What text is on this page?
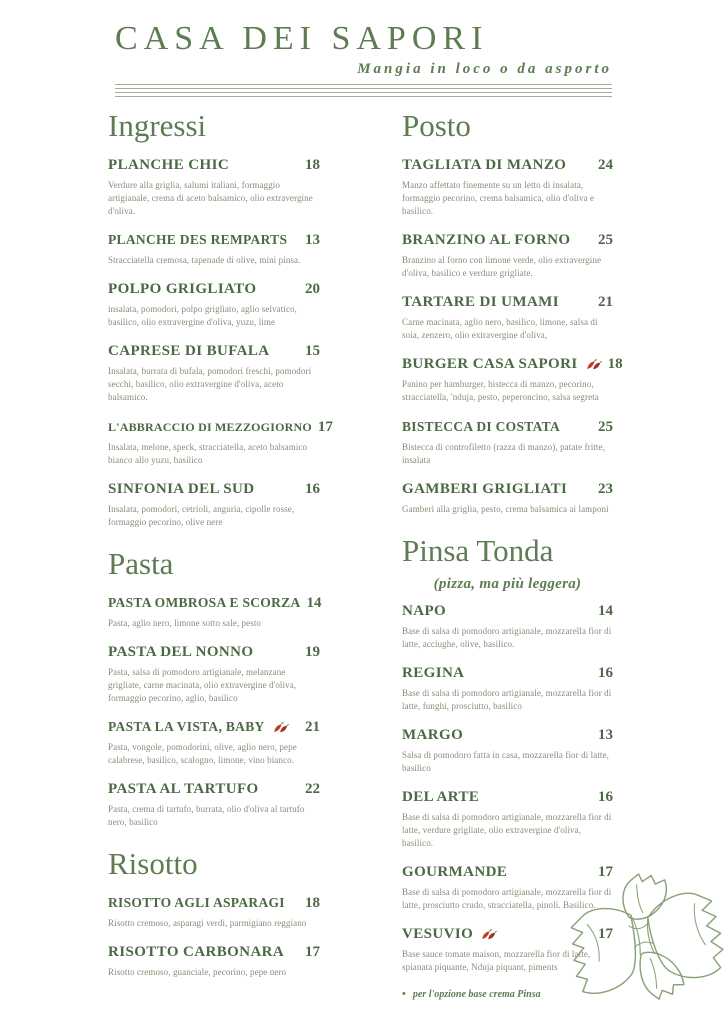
CASA DEI SAPORI
Mangia in loco o da asporto
Ingressi
PLANCHE CHIC	18

Verdure alla griglia, salumi italiani, formaggio artigianale, crema di aceto balsamico, olio extravergine d'oliva.

PLANCHE DES REMPARTS	13

Stracciatella cremosa, tapenade di olive, mini pinsa.

POLPO GRIGLIATO	20

insalata, pomodori, polpo grigliato, aglio selvatico, basilico, olio extravergine d'oliva, yuzu, lime

CAPRESE DI BUFALA	15

Insalata, burrata di bufala, pomodori freschi, pomodori secchi, basilico, olio extravergine d'oliva, aceto balsamico.

L'ABBRACCIO DI MEZZOGIORNO 17

Insalata, melone, speck, stracciatella, aceto balsamico bianco allo yuzu, basilico

SINFONIA DEL SUD	16

Insalata, pomodori, cetrioli, anguria, cipolle rosse, formaggio pecorino, olive nere

Pasta
PASTA OMBROSA E SCORZA 14

Pasta, aglio nero, limone sotto sale, pesto

PASTA DEL NONNO	19

Pasta, salsa di pomodoro artigianale, melanzane grigliate, carne macinata, olio extravergine d'oliva, formaggio pecorino, aglio, basilico

PASTA LA VISTA, BABY	21

Pasta, vongole, pomodorini, olive, aglio nero, pepe calabrese, basilico, scalogno, limone, vino bianco.

PASTA AL TARTUFO	22

Pasta, crema di tartufo, burrata, olio d'oliva al tartufo nero, basilico

Risotto
RISOTTO AGLI ASPARAGI	18

Risotto cremoso, asparagi verdi, parmigiano reggiano

RISOTTO CARBONARA	17

Risotto cremoso, guanciale, pecorino, pepe nero

Posto
TAGLIATA DI MANZO	24

Manzo affettato finemente su un letto di insalata, formaggio pecorino, crema balsamica, olio d'oliva e basilico.

BRANZINO AL FORNO	25

Branzino al forno con limone verde, olio extravergine d'oliva, basilico e verdure grigliate.

TARTARE DI UMAMI	21

Carne macinata, aglio nero, basilico, limone, salsa di soia, zenzero, olio extravergine d'oliva,

BURGER CASA SAPORI	18

Panino per hamburger, bistecca di manzo, pecorino, stracciatella, 'nduja, pesto, peperoncino, salsa segreta

BISTECCA DI COSTATA	25

Bistecca di controfiletto (razza di manzo), patate fritte, insalata

GAMBERI GRIGLIATI	23

Gamberi alla griglia, pesto, crema balsamica ai lamponi

Pinsa Tonda
(pizza, ma più leggera)
NAPO	14

Base di salsa di pomodoro artigianale, mozzarella fior di latte, acciughe, olive, basilico.

REGINA	16

Base di salsa di pomodoro artigianale, mozzarella fior di latte, funghi, prosciutto, basilico

MARGO	13

Salsa di pomodoro fatta in casa, mozzarella fior di latte, basilico

DEL ARTE	16

Base di salsa di pomodoro artigianale, mozzarella fior di latte, verdure grigliate, olio extravergine d'oliva, basilico.

GOURMANDE	17

Base di salsa di pomodoro artigianale, mozzarella fior di latte, prosciutto crudo, stracciatella, pinoli. Basilico.

VESUVIO	17

Base sauce tomate maison, mozzarella fior di latte, spianata piquante, Nduja piquant, piments

• per l'opzione base crema Pinsa
